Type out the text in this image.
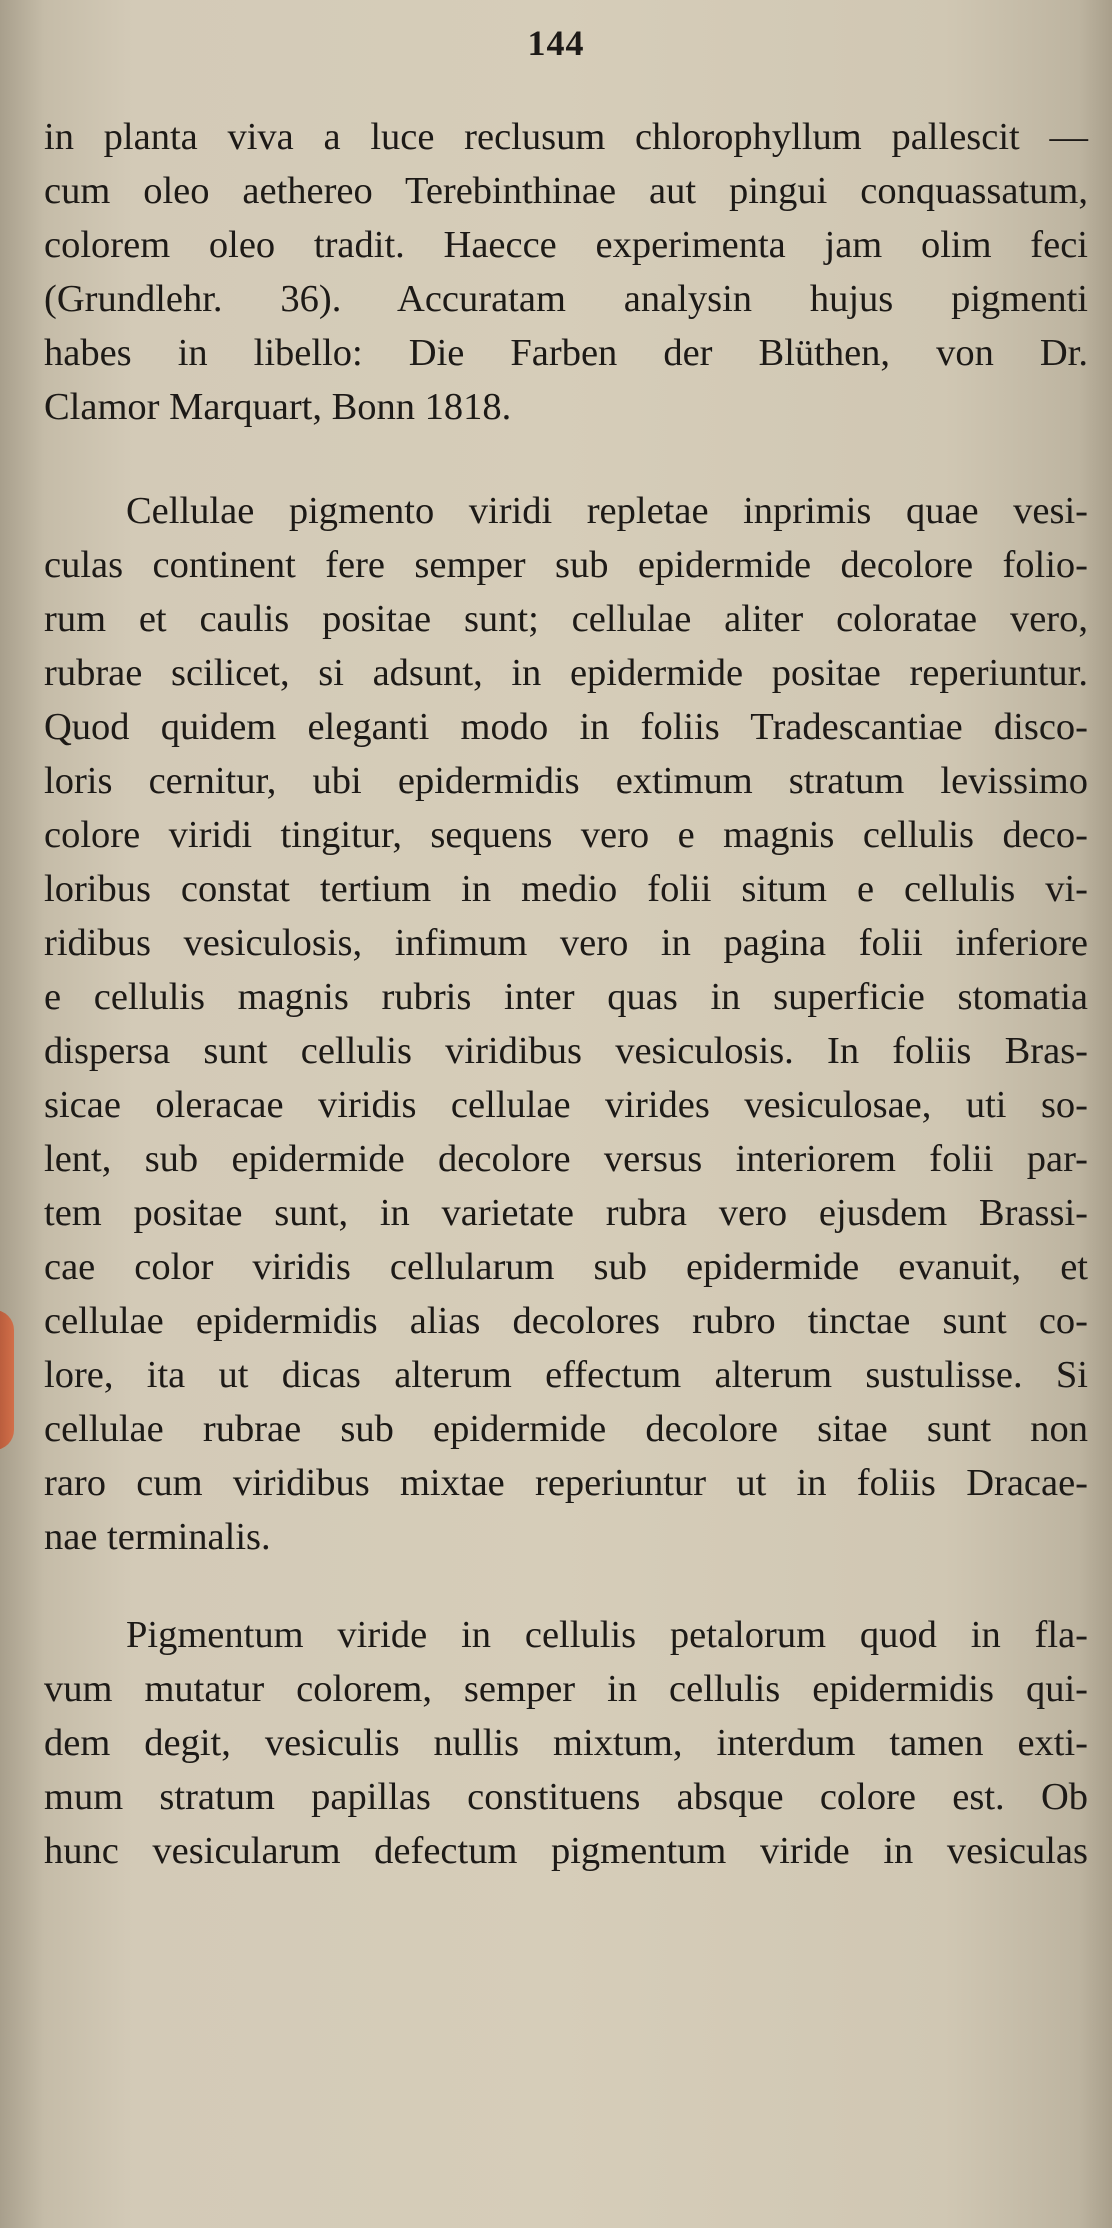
144
in planta viva a luce reclusum chlorophyllum pallescit —
cum oleo aethereo Terebinthinae aut pingui conquassatum,
colorem oleo tradit. Haecce experimenta jam olim feci
(Grundlehr. 36). Accuratam analysin hujus pigmenti
habes in libello: Die Farben der Blüthen, von Dr.
Clamor Marquart, Bonn 1818.
Cellulae pigmento viridi repletae inprimis quae vesi-
culas continent fere semper sub epidermide decolore folio-
rum et caulis positae sunt; cellulae aliter coloratae vero,
rubrae scilicet, si adsunt, in epidermide positae reperiuntur.
Quod quidem eleganti modo in foliis Tradescantiae disco-
loris cernitur, ubi epidermidis extimum stratum levissimo
colore viridi tingitur, sequens vero e magnis cellulis deco-
loribus constat tertium in medio folii situm e cellulis vi-
ridibus vesiculosis, infimum vero in pagina folii inferiore
e cellulis magnis rubris inter quas in superficie stomatia
dispersa sunt cellulis viridibus vesiculosis. In foliis Bras-
sicae oleracae viridis cellulae virides vesiculosae, uti so-
lent, sub epidermide decolore versus interiorem folii par-
tem positae sunt, in varietate rubra vero ejusdem Brassi-
cae color viridis cellularum sub epidermide evanuit, et
cellulae epidermidis alias decolores rubro tinctae sunt co-
lore, ita ut dicas alterum effectum alterum sustulisse. Si
cellulae rubrae sub epidermide decolore sitae sunt non
raro cum viridibus mixtae reperiuntur ut in foliis Dracae-
nae terminalis.
Pigmentum viride in cellulis petalorum quod in fla-
vum mutatur colorem, semper in cellulis epidermidis qui-
dem degit, vesiculis nullis mixtum, interdum tamen exti-
mum stratum papillas constituens absque colore est. Ob
hunc vesicularum defectum pigmentum viride in vesiculas
